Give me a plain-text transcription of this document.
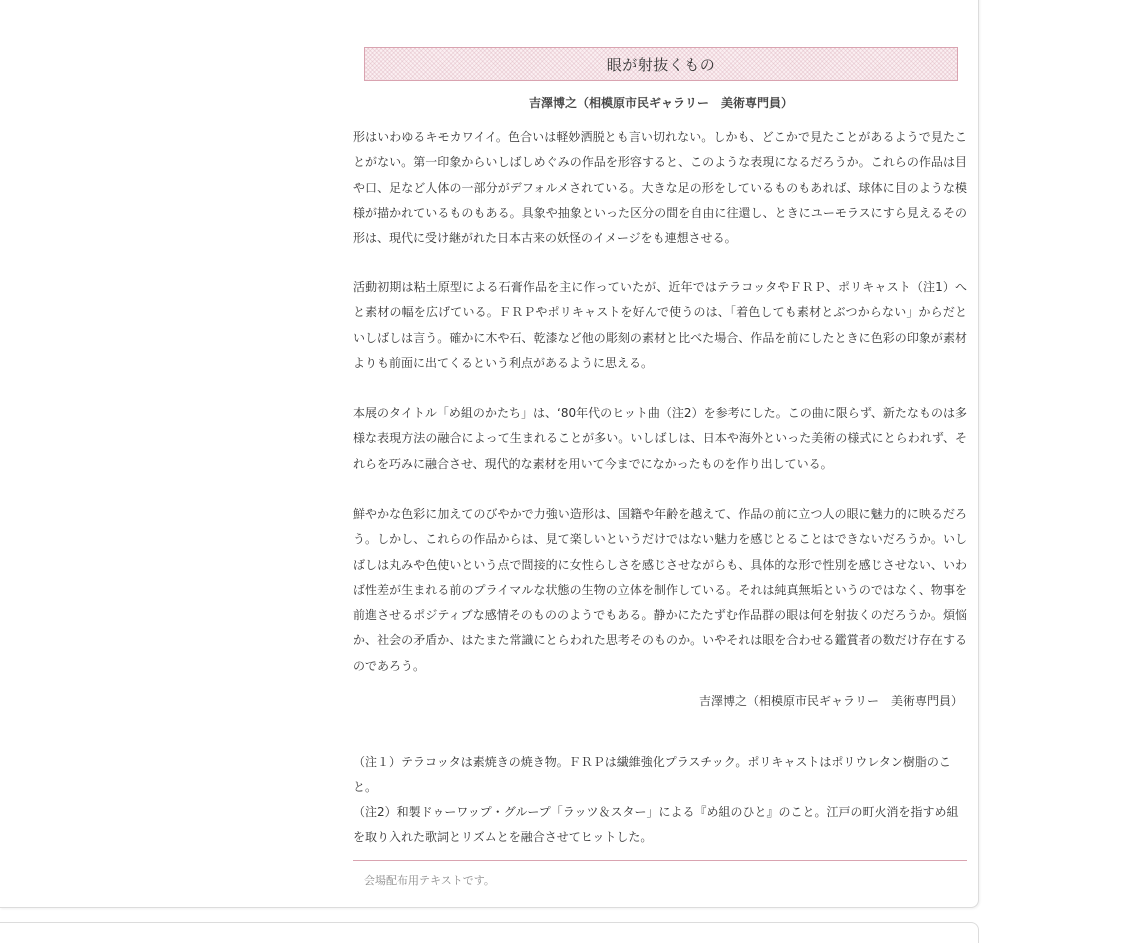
眼が射抜くもの
吉澤博之（相模原市民ギャラリー　美術専門員）

形はいわゆるキモカワイイ。色合いは軽妙洒脱とも言い切れない。しかも、どこかで見たことがあるようで見たことがない。第一印象からいしばしめぐみの作品を形容すると、このような表現になるだろうか。これらの作品は目や口、足など人体の一部分がデフォルメされている。大きな足の形をしているものもあれば、球体に目のような模様が描かれているものもある。具象や抽象といった区分の間を自由に往還し、ときにユーモラスにすら見えるその形は、現代に受け継がれた日本古来の妖怪のイメージをも連想させる。

活動初期は粘土原型による石膏作品を主に作っていたが、近年ではテラコッタやＦＲＰ、ポリキャスト（注1）へと素材の幅を広げている。ＦＲＰやポリキャストを好んで使うのは、「着色しても素材とぶつからない」からだといしばしは言う。確かに木や石、乾漆など他の彫刻の素材と比べた場合、作品を前にしたときに色彩の印象が素材よりも前面に出てくるという利点があるように思える。

本展のタイトル「め組のかたち」は、‘80年代のヒット曲（注2）を参考にした。この曲に限らず、新たなものは多様な表現方法の融合によって生まれることが多い。いしばしは、日本や海外といった美術の様式にとらわれず、それらを巧みに融合させ、現代的な素材を用いて今までになかったものを作り出している。

鮮やかな色彩に加えてのびやかで力強い造形は、国籍や年齢を越えて、作品の前に立つ人の眼に魅力的に映るだろう。しかし、これらの作品からは、見て楽しいというだけではない魅力を感じとることはできないだろうか。いしばしは丸みや色使いという点で間接的に女性らしさを感じさせながらも、具体的な形で性別を感じさせない、いわば性差が生まれる前のプライマルな状態の生物の立体を制作している。それは純真無垢というのではなく、物事を前進させるポジティブな感情そのもののようでもある。静かにたたずむ作品群の眼は何を射抜くのだろうか。煩悩か、社会の矛盾か、はたまた常識にとらわれた思考そのものか。いやそれは眼を合わせる鑑賞者の数だけ存在するのであろう。

吉澤博之（相模原市民ギャラリー　美術専門員）

（注１）テラコッタは素焼きの焼き物。ＦＲＰは繊維強化プラスチック。ポリキャストはポリウレタン樹脂のこと。

（注2）和製ドゥーワップ・グループ「ラッツ＆スター」による『め組のひと』のこと。江戸の町火消を指すめ組を取り入れた歌詞とリズムとを融合させてヒットした。

会場配布用テキストです。
